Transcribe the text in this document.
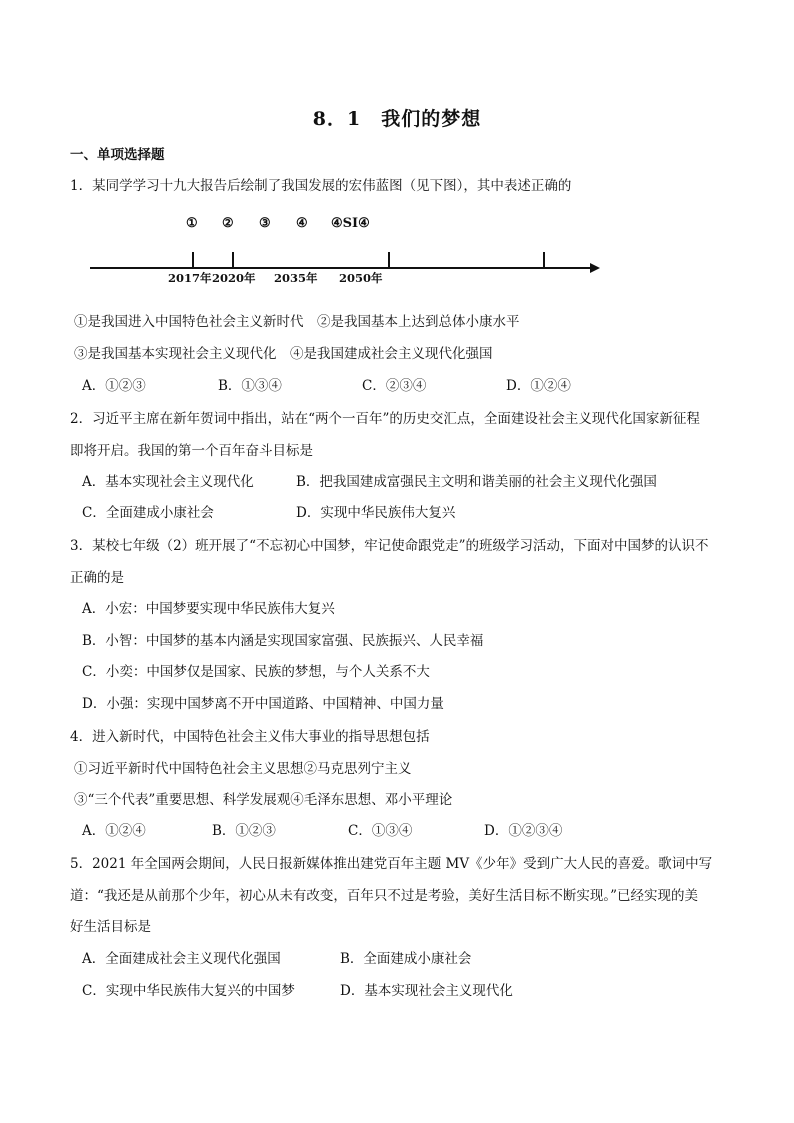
8．1　我们的梦想
一、单项选择题
1．某同学学习十九大报告后绘制了我国发展的宏伟蓝图（见下图），其中表述正确的
① ② ③ ④ ④SI④
2017年 2020年 2035年 2050年
①是我国进入中国特色社会主义新时代　②是我国基本上达到总体小康水平
③是我国基本实现社会主义现代化　④是我国建成社会主义现代化强国
A．①②③	B．①③④	C．②③④	D．①②④
2．习近平主席在新年贺词中指出，站在“两个一百年”的历史交汇点，全面建设社会主义现代化国家新征程
即将开启。我国的第一个百年奋斗目标是
A．基本实现社会主义现代化	B．把我国建成富强民主文明和谐美丽的社会主义现代化强国
C．全面建成小康社会	D．实现中华民族伟大复兴
3．某校七年级（2）班开展了“不忘初心中国梦，牢记使命跟党走”的班级学习活动，下面对中国梦的认识不
正确的是
A．小宏：中国梦要实现中华民族伟大复兴
B．小智：中国梦的基本内涵是实现国家富强、民族振兴、人民幸福
C．小奕：中国梦仅是国家、民族的梦想，与个人关系不大
D．小强：实现中国梦离不开中国道路、中国精神、中国力量
4．进入新时代，中国特色社会主义伟大事业的指导思想包括
①习近平新时代中国特色社会主义思想②马克思列宁主义
③“三个代表”重要思想、科学发展观④毛泽东思想、邓小平理论
A．①②④	B．①②③	C．①③④	D．①②③④
5．2021 年全国两会期间，人民日报新媒体推出建党百年主题 MV《少年》受到广大人民的喜爱。歌词中写
道：“我还是从前那个少年，初心从未有改变，百年只不过是考验，美好生活目标不断实现。”已经实现的美
好生活目标是
A．全面建成社会主义现代化强国	B．全面建成小康社会
C．实现中华民族伟大复兴的中国梦	D．基本实现社会主义现代化
